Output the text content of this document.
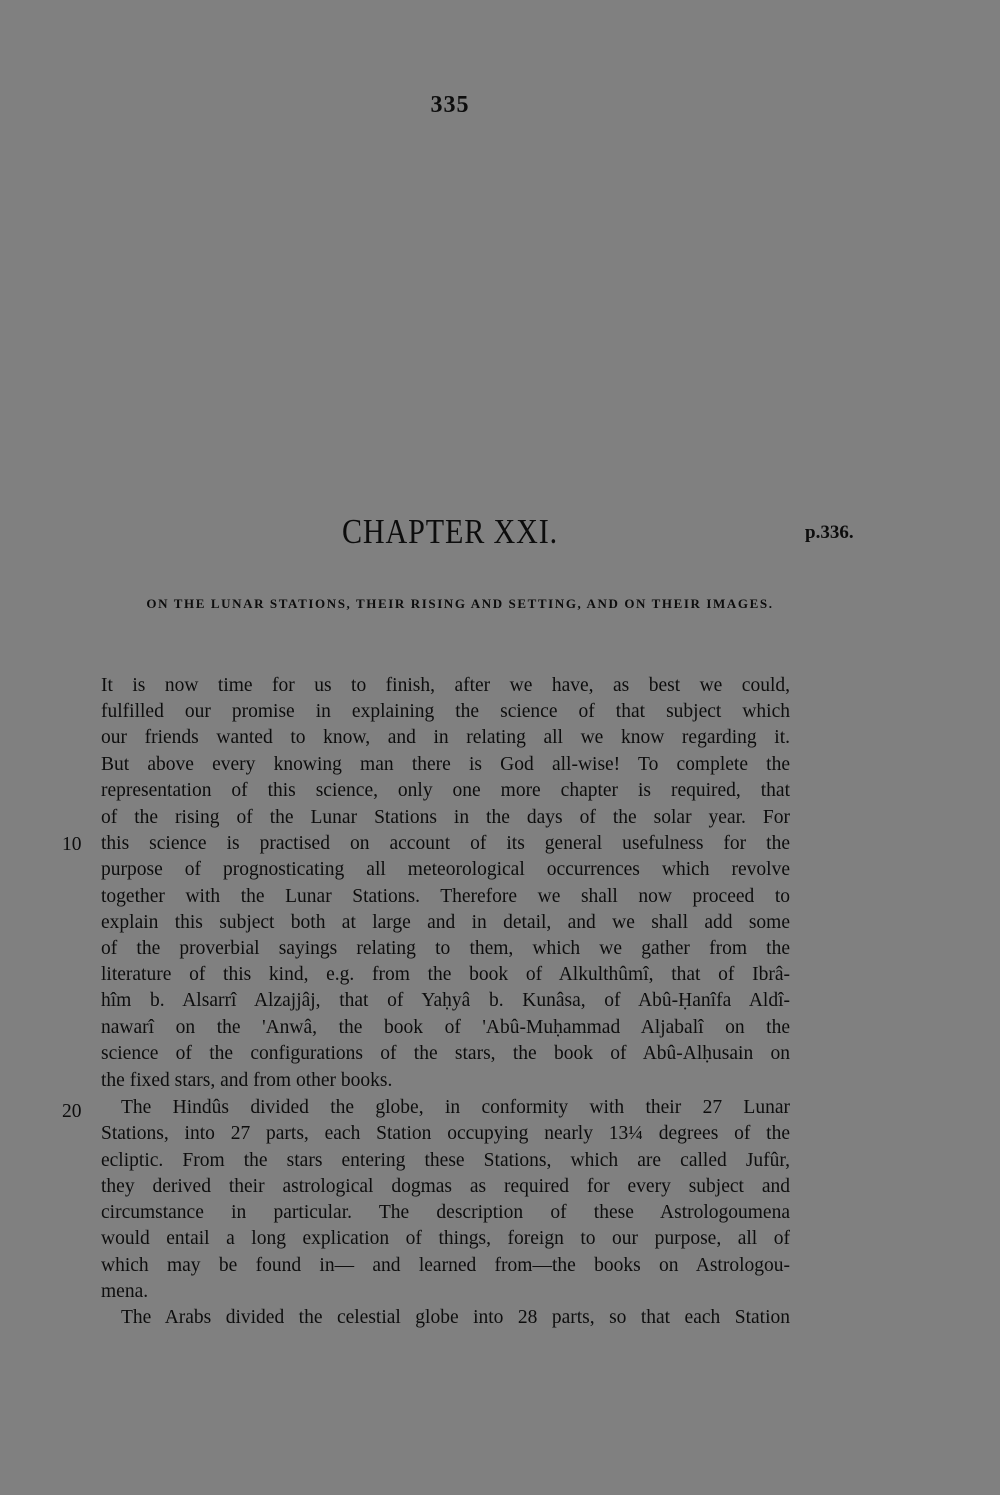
335
CHAPTER XXI.	p.336.
ON THE LUNAR STATIONS, THEIR RISING AND SETTING, AND ON THEIR IMAGES.
10
20
It is now time for us to finish, after we have, as best we could,
fulfilled our promise in explaining the science of that subject which
our friends wanted to know, and in relating all we know regarding it.
But above every knowing man there is God all-wise! To complete the
representation of this science, only one more chapter is required, that
of the rising of the Lunar Stations in the days of the solar year. For
this science is practised on account of its general usefulness for the
purpose of prognosticating all meteorological occurrences which revolve
together with the Lunar Stations. Therefore we shall now proceed to
explain this subject both at large and in detail, and we shall add some
of the proverbial sayings relating to them, which we gather from the
literature of this kind, e.g. from the book of Alkulthûmî, that of Ibrâ-
hîm b. Alsarrî Alzajjâj, that of Yaḥyâ b. Kunâsa, of Abû-Ḥanîfa Aldî-
nawarî on the 'Anwâ, the book of 'Abû-Muḥammad Aljabalî on the
science of the configurations of the stars, the book of Abû-Alḥusain on
the fixed stars, and from other books.
The Hindûs divided the globe, in conformity with their 27 Lunar
Stations, into 27 parts, each Station occupying nearly 13¼ degrees of the
ecliptic. From the stars entering these Stations, which are called Jufûr,
they derived their astrological dogmas as required for every subject and
circumstance in particular. The description of these Astrologoumena
would entail a long explication of things, foreign to our purpose, all of
which may be found in— and learned from—the books on Astrologou-
mena.
The Arabs divided the celestial globe into 28 parts, so that each Station
